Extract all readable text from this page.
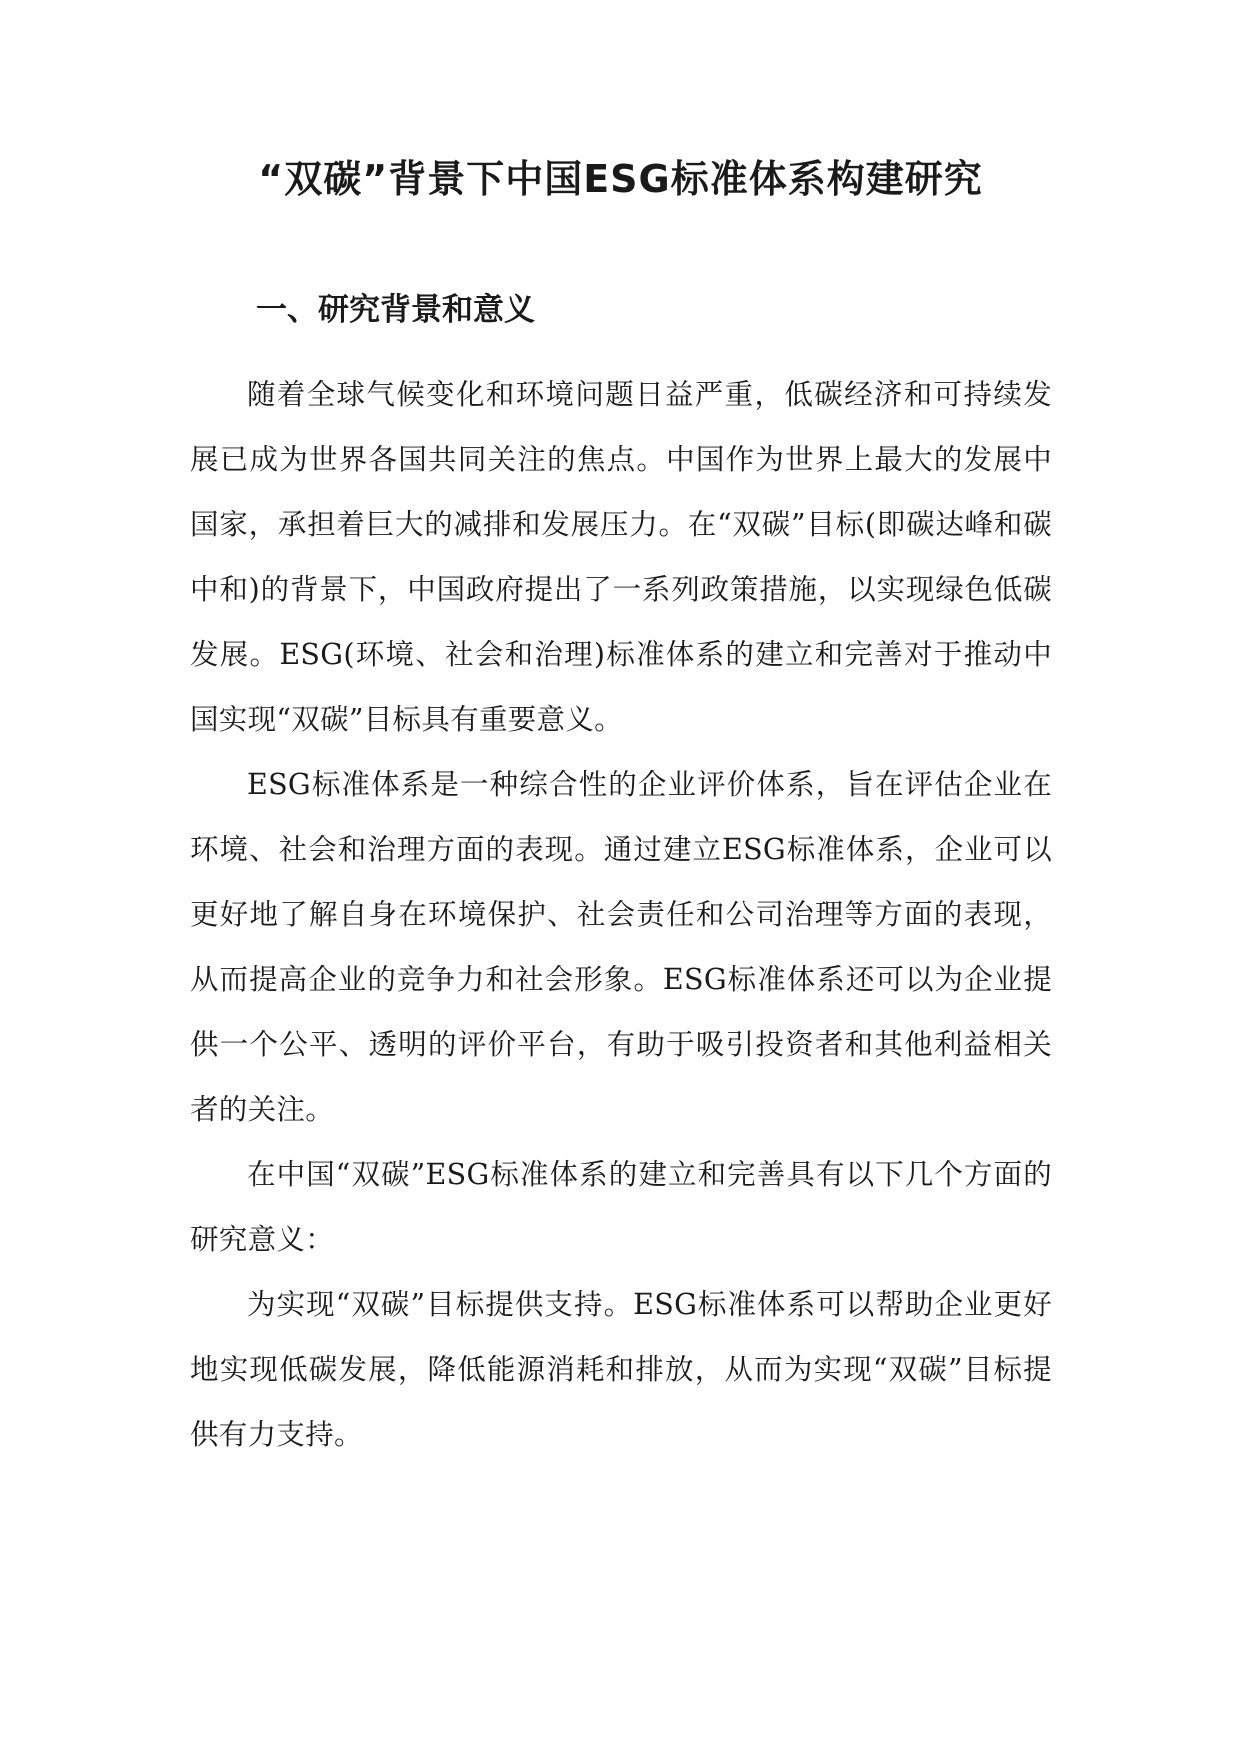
“双碳”背景下中国ESG标准体系构建研究
一、研究背景和意义

随着全球气候变化和环境问题日益严重，低碳经济和可持续发展已成为世界各国共同关注的焦点。中国作为世界上最大的发展中国家，承担着巨大的减排和发展压力。在“双碳”目标(即碳达峰和碳中和)的背景下，中国政府提出了一系列政策措施，以实现绿色低碳发展。ESG(环境、社会和治理)标准体系的建立和完善对于推动中国实现“双碳”目标具有重要意义。

ESG标准体系是一种综合性的企业评价体系，旨在评估企业在环境、社会和治理方面的表现。通过建立ESG标准体系，企业可以更好地了解自身在环境保护、社会责任和公司治理等方面的表现，从而提高企业的竞争力和社会形象。ESG标准体系还可以为企业提供一个公平、透明的评价平台，有助于吸引投资者和其他利益相关者的关注。

在中国“双碳”ESG标准体系的建立和完善具有以下几个方面的研究意义：

为实现“双碳”目标提供支持。ESG标准体系可以帮助企业更好地实现低碳发展，降低能源消耗和排放，从而为实现“双碳”目标提供有力支持。
